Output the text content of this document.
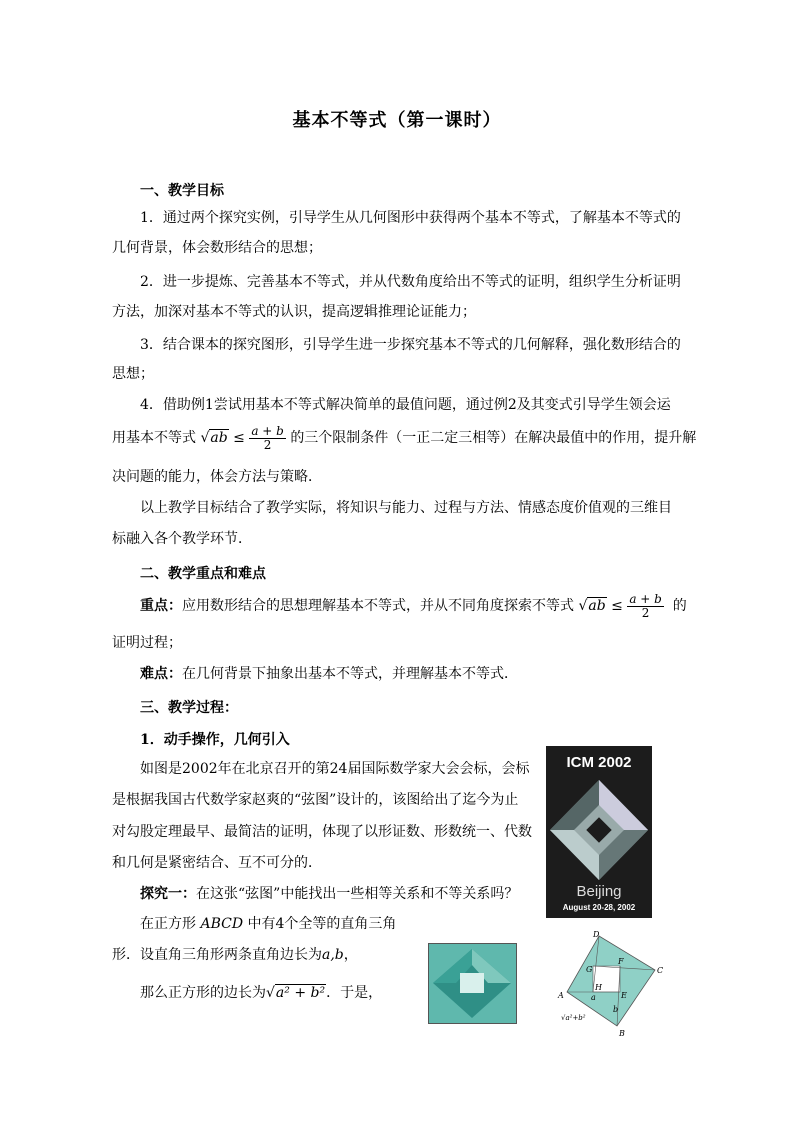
基本不等式（第一课时）
一、教学目标
1．通过两个探究实例，引导学生从几何图形中获得两个基本不等式，了解基本不等式的
几何背景，体会数形结合的思想；
2．进一步提炼、完善基本不等式，并从代数角度给出不等式的证明，组织学生分析证明
方法，加深对基本不等式的认识，提高逻辑推理论证能力；
3．结合课本的探究图形，引导学生进一步探究基本不等式的几何解释，强化数形结合的
思想；
4．借助例1尝试用基本不等式解决简单的最值问题，通过例2及其变式引导学生领会运
用基本不等式 $√ab \le \frac{a + b}{2}$ 的三个限制条件（一正二定三相等）在解决最值中的作用，提升解
决问题的能力，体会方法与策略．
以上教学目标结合了教学实际，将知识与能力、过程与方法、情感态度价值观的三维目
标融入各个教学环节．
二、教学重点和难点
重点：应用数形结合的思想理解基本不等式，并从不同角度探索不等式 $√ab \le \frac{a + b}{2}$ 的
证明过程；
难点：在几何背景下抽象出基本不等式，并理解基本不等式．
三、教学过程：
1．动手操作，几何引入
如图是2002年在北京召开的第24届国际数学家大会会标，会标
是根据我国古代数学家赵爽的“弦图”设计的，该图给出了迄今为止
对勾股定理最早、最简洁的证明，体现了以形证数、形数统一、代数
和几何是紧密结合、互不可分的．
探究一：在这张“弦图”中能找出一些相等关系和不等关系吗？
在正方形 ABCD 中有4个全等的直角三角
形．设直角三角形两条直角边长为a,b，
那么正方形的边长为√a² + b²．于是，
ICM 2002
Beijing
August 20-28, 2002
D
C
A
B
G
F
H
E
a
b
√a²+b²
